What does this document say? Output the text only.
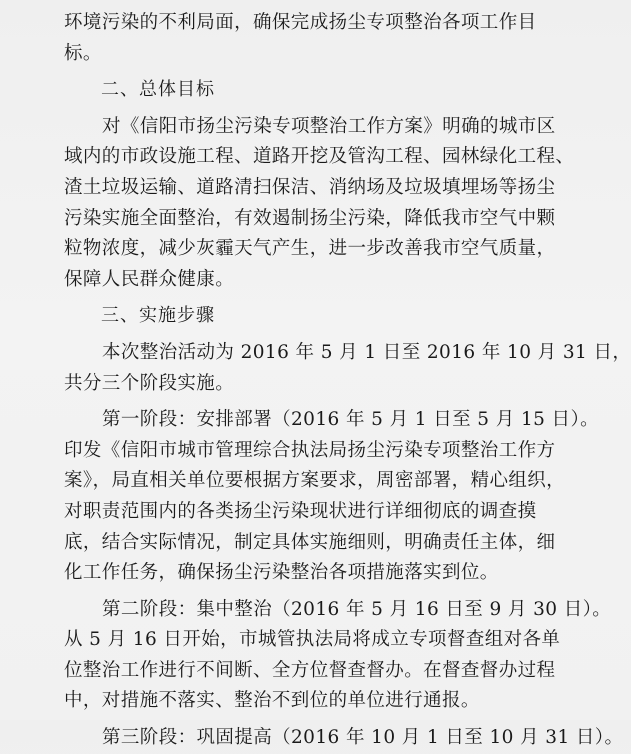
环境污染的不利局面，确保完成扬尘专项整治各项工作目
标。
二、总体目标
对《信阳市扬尘污染专项整治工作方案》明确的城市区
域内的市政设施工程、道路开挖及管沟工程、园林绿化工程、
渣土垃圾运输、道路清扫保洁、消纳场及垃圾填埋场等扬尘
污染实施全面整治，有效遏制扬尘污染，降低我市空气中颗
粒物浓度，减少灰霾天气产生，进一步改善我市空气质量，
保障人民群众健康。
三、实施步骤
本次整治活动为 2016 年 5 月 1 日至 2016 年 10 月 31 日，
共分三个阶段实施。
第一阶段：安排部署（2016 年 5 月 1 日至 5 月 15 日）。
印发《信阳市城市管理综合执法局扬尘污染专项整治工作方
案》，局直相关单位要根据方案要求，周密部署，精心组织，
对职责范围内的各类扬尘污染现状进行详细彻底的调查摸
底，结合实际情况，制定具体实施细则，明确责任主体，细
化工作任务，确保扬尘污染整治各项措施落实到位。
第二阶段：集中整治（2016 年 5 月 16 日至 9 月 30 日）。
从 5 月 16 日开始，市城管执法局将成立专项督查组对各单
位整治工作进行不间断、全方位督查督办。在督查督办过程
中，对措施不落实、整治不到位的单位进行通报。
第三阶段：巩固提高（2016 年 10 月 1 日至 10 月 31 日）。
